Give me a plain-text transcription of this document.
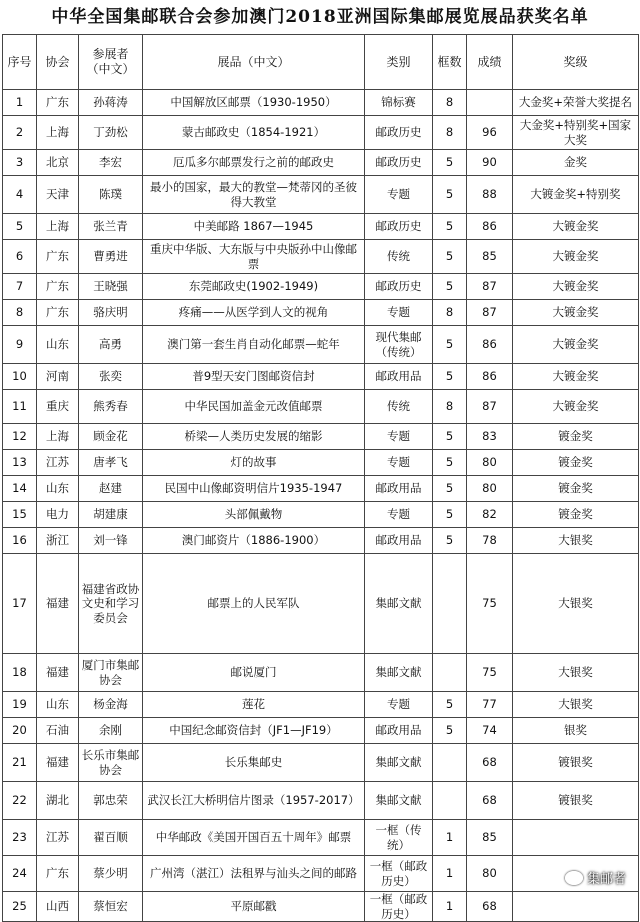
中华全国集邮联合会参加澳门2018亚洲国际集邮展览展品获奖名单
序号	协会	参展者（中文）	展品（中文）	类别	框数	成绩	奖级
1	广东	孙蒋涛	中国解放区邮票（1930-1950）	锦标赛	8		大金奖+荣誉大奖提名
2	上海	丁劲松	蒙古邮政史（1854-1921）	邮政历史	8	96	大金奖+特别奖+国家大奖
3	北京	李宏	厄瓜多尔邮票发行之前的邮政史	邮政历史	5	90	金奖
4	天津	陈璞	最小的国家，最大的教堂—梵蒂冈的圣彼得大教堂	专题	5	88	大镀金奖+特别奖
5	上海	张兰青	中美邮路 1867—1945	邮政历史	5	86	大镀金奖
6	广东	曹勇进	重庆中华版、大东版与中央版孙中山像邮票	传统	5	85	大镀金奖
7	广东	王晓强	东莞邮政史(1902-1949)	邮政历史	5	87	大镀金奖
8	广东	骆庆明	疼痛——从医学到人文的视角	专题	8	87	大镀金奖
9	山东	高勇	澳门第一套生肖自动化邮票—蛇年	现代集邮（传统）	5	86	大镀金奖
10	河南	张奕	普9型天安门图邮资信封	邮政用品	5	86	大镀金奖
11	重庆	熊秀春	中华民国加盖金元改值邮票	传统	8	87	大镀金奖
12	上海	顾金花	桥梁—人类历史发展的缩影	专题	5	83	镀金奖
13	江苏	唐孝飞	灯的故事	专题	5	80	镀金奖
14	山东	赵建	民国中山像邮资明信片1935-1947	邮政用品	5	80	镀金奖
15	电力	胡建康	头部佩戴物	专题	5	82	镀金奖
16	浙江	刘一锋	澳门邮资片（1886-1900）	邮政用品	5	78	大银奖
17	福建	福建省政协文史和学习委员会	邮票上的人民军队	集邮文献		75	大银奖
18	福建	厦门市集邮协会	邮说厦门	集邮文献		75	大银奖
19	山东	杨金海	莲花	专题	5	77	大银奖
20	石油	余刚	中国纪念邮资信封（JF1—JF19）	邮政用品	5	74	银奖
21	福建	长乐市集邮协会	长乐集邮史	集邮文献		68	镀银奖
22	湖北	郭忠荣	武汉长江大桥明信片图录（1957-2017）	集邮文献		68	镀银奖
23	江苏	翟百顺	中华邮政《美国开国百五十周年》邮票	一框（传统）	1	85	
24	广东	蔡少明	广州湾（湛江）法租界与汕头之间的邮路	一框（邮政历史）	1	80	
25	山西	蔡恒宏	平原邮戳	一框（邮政历史）	1	68	
集邮者
